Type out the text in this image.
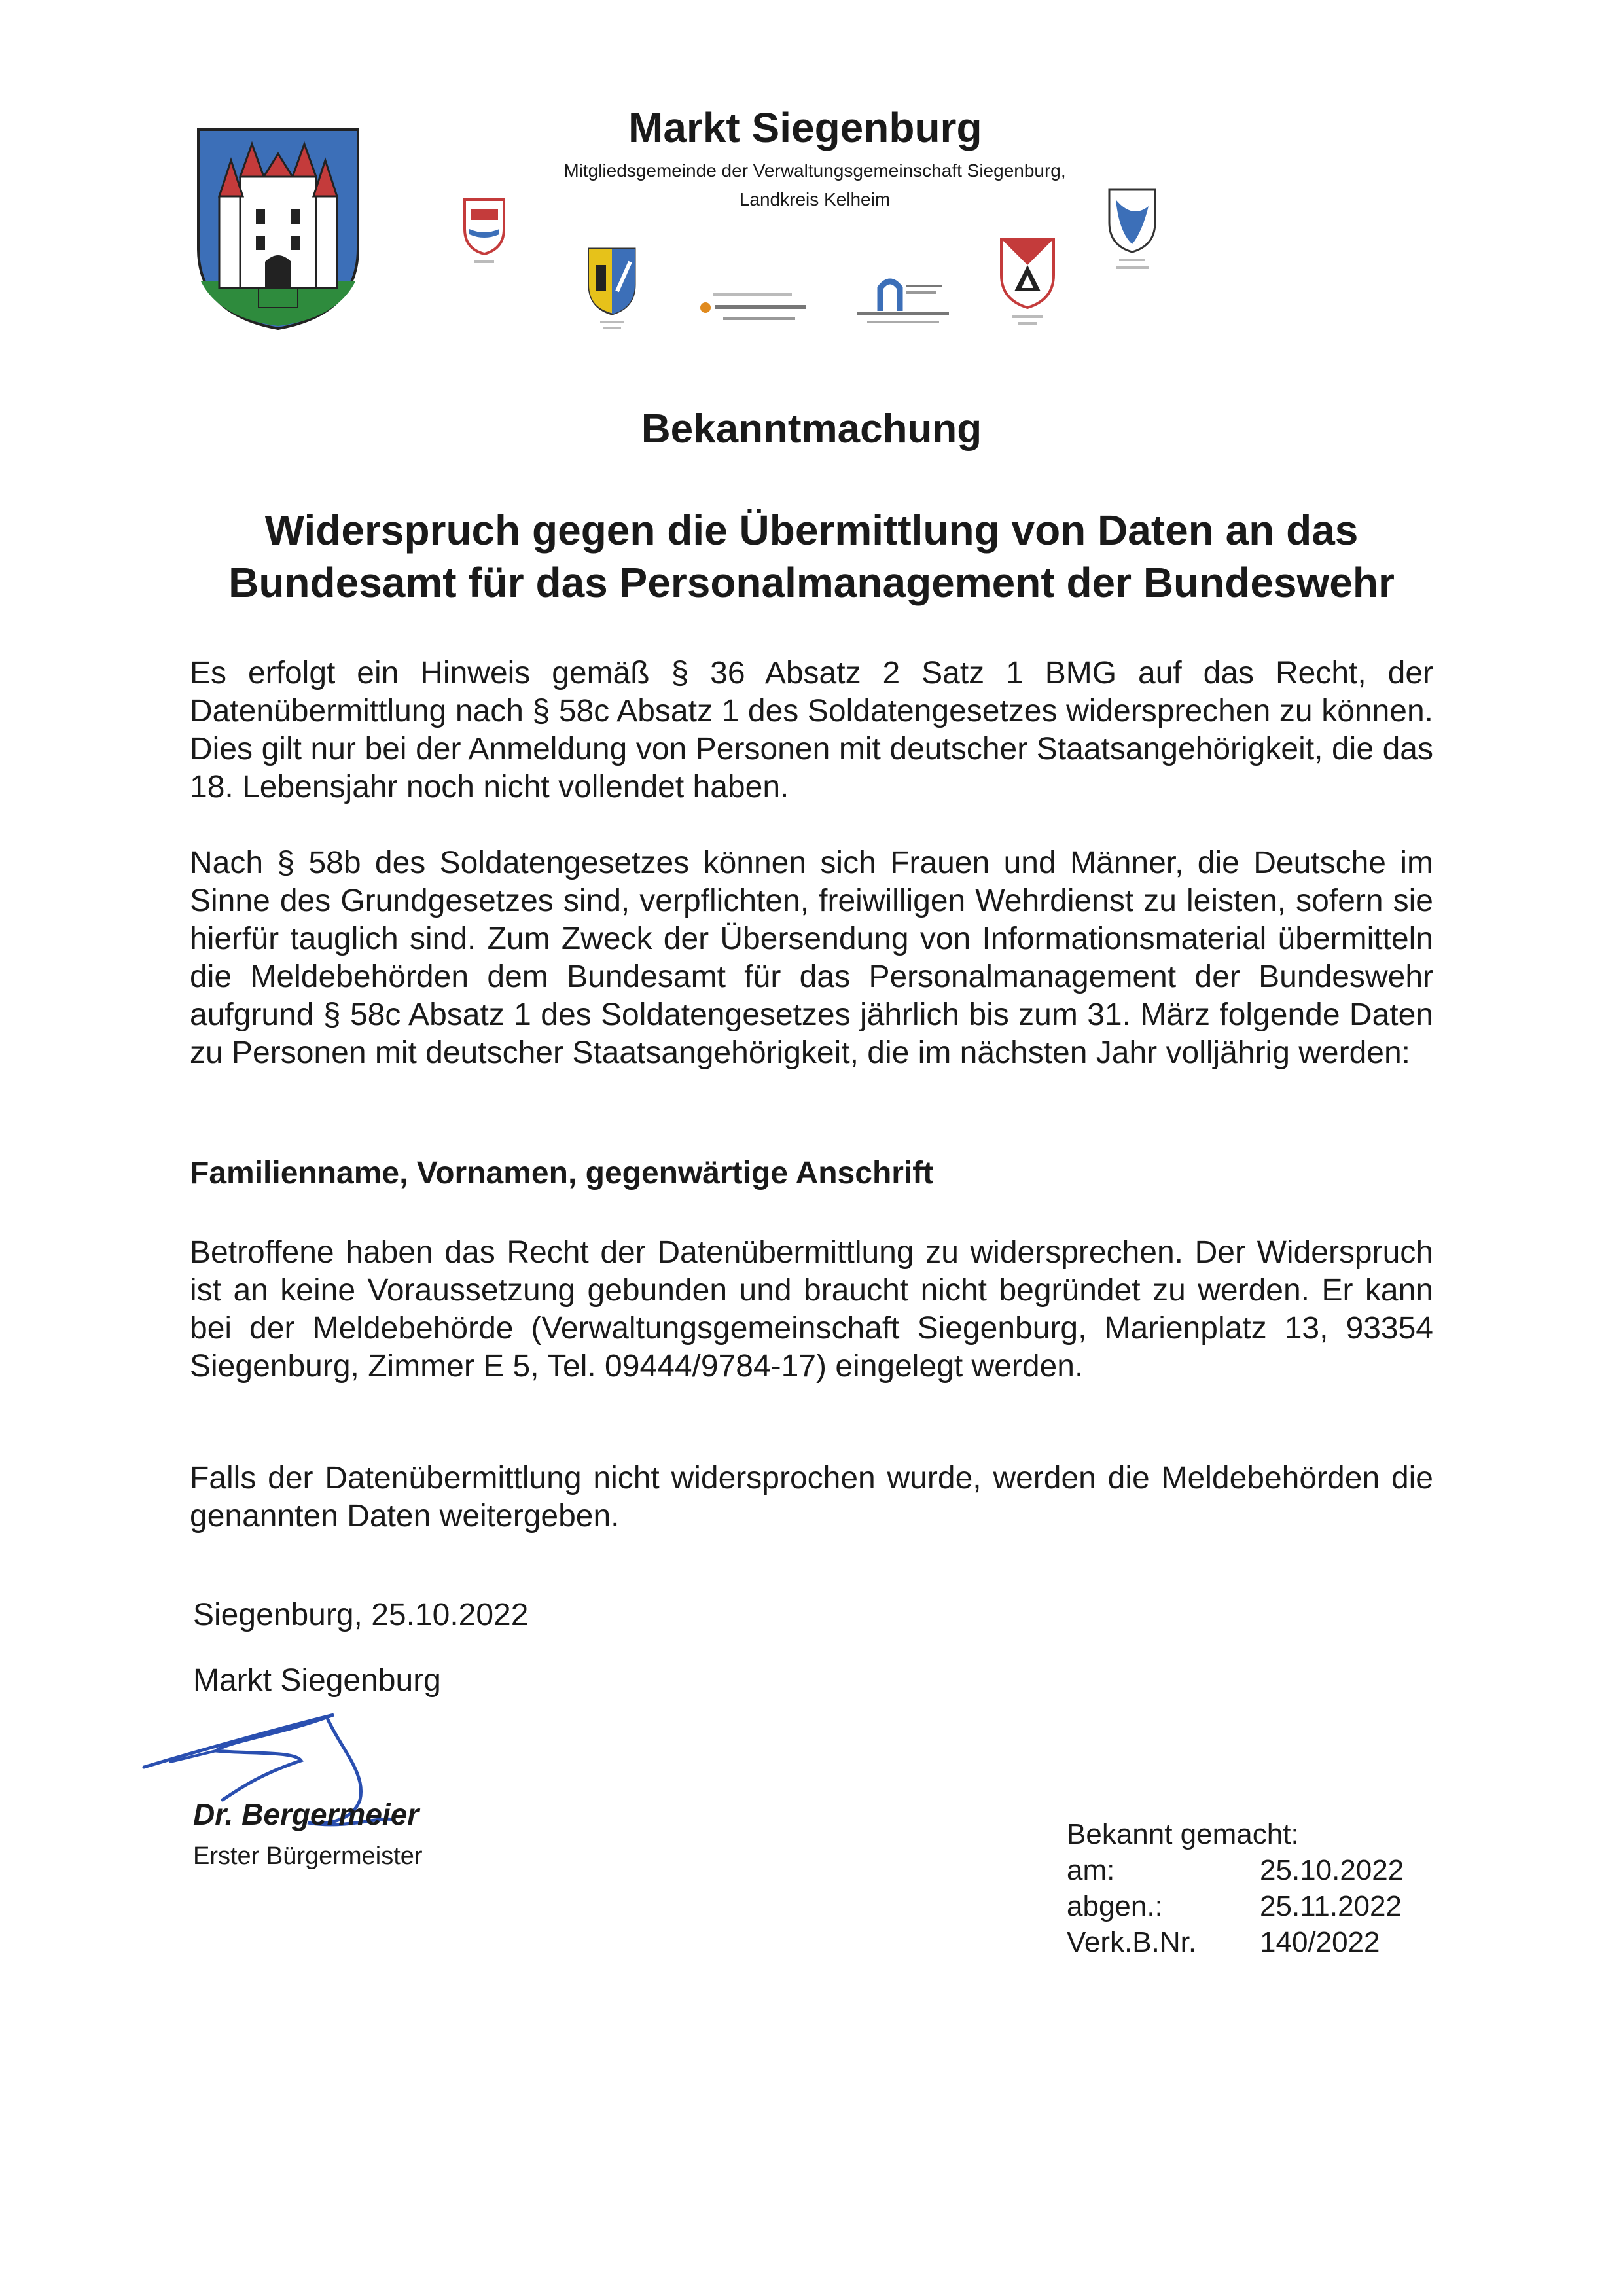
Markt Siegenburg
Mitgliedsgemeinde der Verwaltungsgemeinschaft Siegenburg,
Landkreis Kelheim
Bekanntmachung
Widerspruch gegen die Übermittlung von Daten an das
Bundesamt für das Personalmanagement der Bundeswehr
Es erfolgt ein Hinweis gemäß § 36 Absatz 2 Satz 1 BMG auf das Recht, der Datenübermittlung nach § 58c Absatz 1 des Soldatengesetzes widersprechen zu können. Dies gilt nur bei der Anmeldung von Personen mit deutscher Staatsangehörigkeit, die das 18. Lebensjahr noch nicht vollendet haben.
Nach § 58b des Soldatengesetzes können sich Frauen und Männer, die Deutsche im Sinne des Grundgesetzes sind, verpflichten, freiwilligen Wehrdienst zu leisten, sofern sie hierfür tauglich sind. Zum Zweck der Übersendung von Informationsmaterial übermitteln die Meldebehörden dem Bundesamt für das Personalmanagement der Bundeswehr aufgrund § 58c Absatz 1 des Soldatengesetzes jährlich bis zum 31. März folgende Daten zu Personen mit deutscher Staatsangehörigkeit, die im nächsten Jahr volljährig werden:
Familienname, Vornamen, gegenwärtige Anschrift
Betroffene haben das Recht der Datenübermittlung zu widersprechen. Der Widerspruch ist an keine Voraussetzung gebunden und braucht nicht begründet zu werden. Er kann bei der Meldebehörde (Verwaltungsgemeinschaft Siegenburg, Marienplatz 13, 93354 Siegenburg, Zimmer E 5, Tel. 09444/9784-17) eingelegt werden.
Falls der Datenübermittlung nicht widersprochen wurde, werden die Meldebehörden die genannten Daten weitergeben.
Siegenburg, 25.10.2022
Markt Siegenburg
Dr. Bergermeier
Erster Bürgermeister
Bekannt gemacht:
am:	25.10.2022
abgen.:	25.11.2022
Verk.B.Nr.	140/2022
